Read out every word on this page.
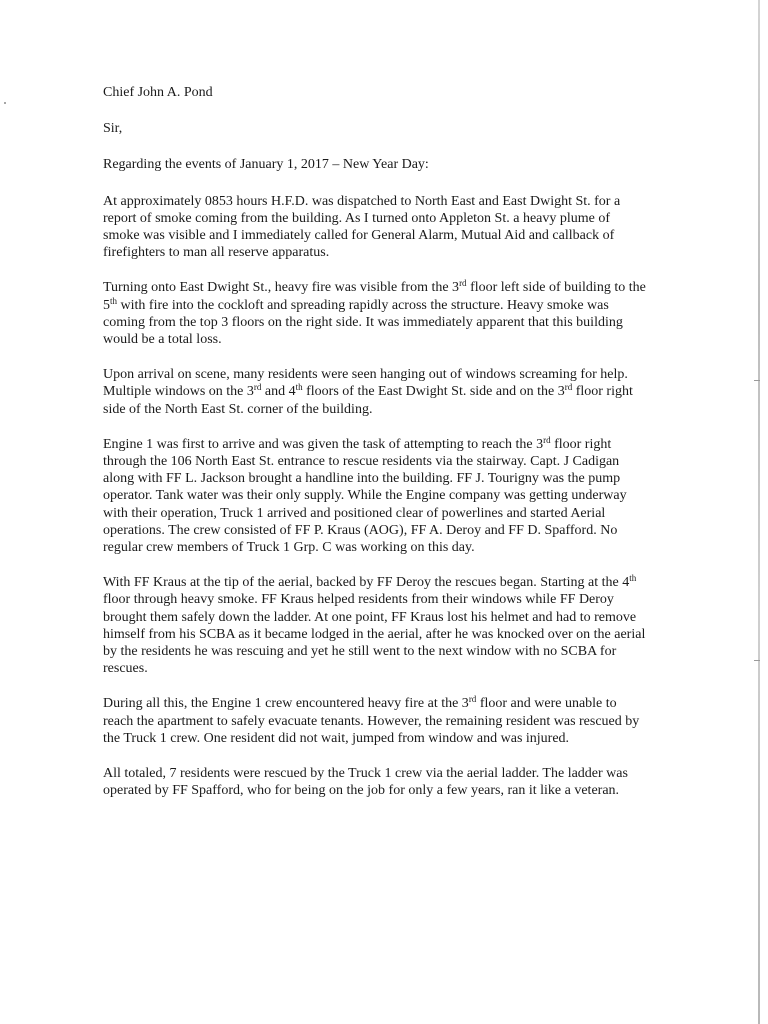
Chief John A. Pond

Sir,

Regarding the events of January 1, 2017 – New Year Day:

At approximately 0853 hours H.F.D. was dispatched to North East and East Dwight St. for a report of smoke coming from the building. As I turned onto Appleton St. a heavy plume of smoke was visible and I immediately called for General Alarm, Mutual Aid and callback of firefighters to man all reserve apparatus.

Turning onto East Dwight St., heavy fire was visible from the 3rd floor left side of building to the 5th with fire into the cockloft and spreading rapidly across the structure. Heavy smoke was coming from the top 3 floors on the right side. It was immediately apparent that this building would be a total loss.

Upon arrival on scene, many residents were seen hanging out of windows screaming for help. Multiple windows on the 3rd and 4th floors of the East Dwight St. side and on the 3rd floor right side of the North East St. corner of the building.

Engine 1 was first to arrive and was given the task of attempting to reach the 3rd floor right through the 106 North East St. entrance to rescue residents via the stairway. Capt. J Cadigan along with FF L. Jackson brought a handline into the building. FF J. Tourigny was the pump operator. Tank water was their only supply. While the Engine company was getting underway with their operation, Truck 1 arrived and positioned clear of powerlines and started Aerial operations. The crew consisted of FF P. Kraus (AOG), FF A. Deroy and FF D. Spafford. No regular crew members of Truck 1 Grp. C was working on this day.

With FF Kraus at the tip of the aerial, backed by FF Deroy the rescues began. Starting at the 4th floor through heavy smoke. FF Kraus helped residents from their windows while FF Deroy brought them safely down the ladder. At one point, FF Kraus lost his helmet and had to remove himself from his SCBA as it became lodged in the aerial, after he was knocked over on the aerial by the residents he was rescuing and yet he still went to the next window with no SCBA for rescues.

During all this, the Engine 1 crew encountered heavy fire at the 3rd floor and were unable to reach the apartment to safely evacuate tenants. However, the remaining resident was rescued by the Truck 1 crew. One resident did not wait, jumped from window and was injured.

All totaled, 7 residents were rescued by the Truck 1 crew via the aerial ladder. The ladder was operated by FF Spafford, who for being on the job for only a few years, ran it like a veteran.
